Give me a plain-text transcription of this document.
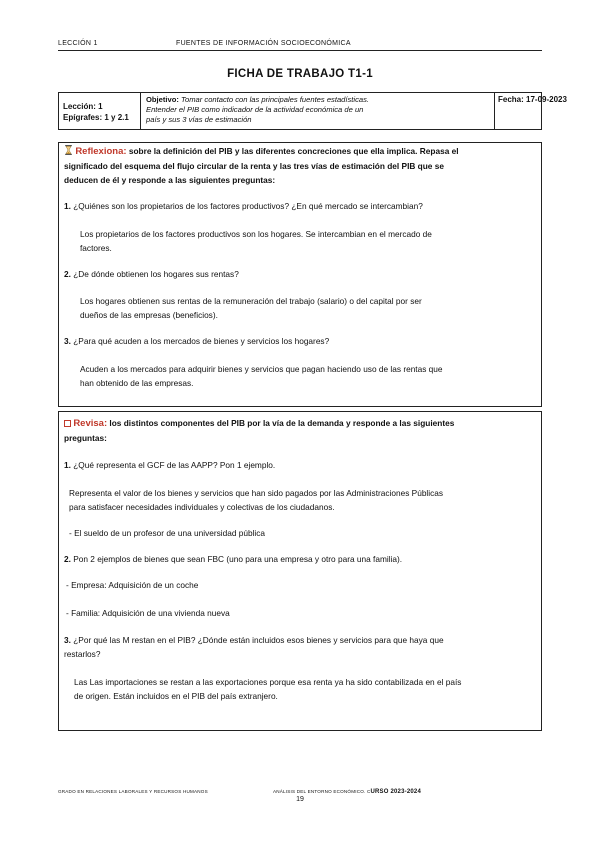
LECCIÓN 1	FUENTES DE INFORMACIÓN SOCIOECONÓMICA
FICHA DE TRABAJO T1-1
Lección: 1
Epígrafes: 1 y 2.1
Objetivo: Tomar contacto con las principales fuentes estadísticas.
Entender el PIB como indicador de la actividad económica de un
país y sus 3 vías de estimación
Fecha: 17-09-2023
Reflexiona: sobre la definición del PIB y las diferentes concreciones que ella implica. Repasa el
significado del esquema del flujo circular de la renta y las tres vías de estimación del PIB que se
deducen de él y responde a las siguientes preguntas:
1. ¿Quiénes son los propietarios de los factores productivos? ¿En qué mercado se intercambian?
Los propietarios de los factores productivos son los hogares. Se intercambian en el mercado de
factores.
2. ¿De dónde obtienen los hogares sus rentas?
Los hogares obtienen sus rentas de la remuneración del trabajo (salario) o del capital por ser
dueños de las empresas (beneficios).
3. ¿Para qué acuden a los mercados de bienes y servicios los hogares?
Acuden a los mercados para adquirir bienes y servicios que pagan haciendo uso de las rentas que
han obtenido de las empresas.
Revisa: los distintos componentes del PIB por la vía de la demanda y responde a las siguientes
preguntas:
1. ¿Qué representa el GCF de las AAPP? Pon 1 ejemplo.
Representa el valor de los bienes y servicios que han sido pagados por las Administraciones Públicas
para satisfacer necesidades individuales y colectivas de los ciudadanos.
- El sueldo de un profesor de una universidad pública
2. Pon 2 ejemplos de bienes que sean FBC (uno para una empresa y otro para una familia).
- Empresa: Adquisición de un coche
- Familia: Adquisición de una vivienda nueva
3. ¿Por qué las M restan en el PIB? ¿Dónde están incluidos esos bienes y servicios para que haya que
restarlos?
Las Las importaciones se restan a las exportaciones porque esa renta ya ha sido contabilizada en el país
de origen. Están incluidos en el PIB del país extranjero.
GRADO EN RELACIONES LABORALES Y RECURSOS HUMANOS	ANÁLISIS DEL ENTORNO ECONÓMICO. CURSO 2023-2024
19
